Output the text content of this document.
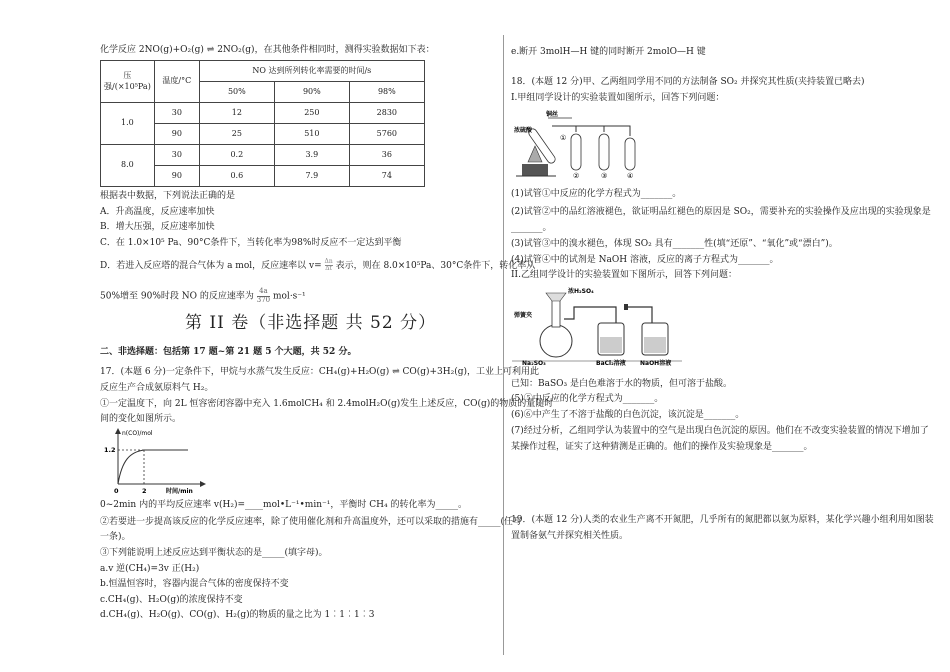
化学反应 2NO(g)+O₂(g) ⇌ 2NO₂(g)，在其他条件相同时，测得实验数据如下表：
压强/(×10⁵Pa)	温度/°C	NO 达到所列转化率需要的时间/s		
		50%	90%	98%
1.0	30	12	250	2830
	90	25	510	5760
8.0	30	0.2	3.9	36
	90	0.6	7.9	74
根据表中数据，下列说法正确的是
A．升高温度，反应速率加快
B．增大压强，反应速率加快
C．在 1.0×10⁵ Pa、90°C条件下，当转化率为98%时反应不一定达到平衡
D．若进入反应塔的混合气体为 a mol，反应速率以 $v= \frac{\Delta n}{\Delta t}$ 表示，则在 8.0×10⁵Pa、30°C条件下，转化率从
50%增至 90%时段 NO 的反应速率为 $\frac{4a}{370} mol\cdot s^{-1}$
第 II 卷（非选择题 共 52 分）
二、非选择题：包括第 17 题~第 21 题 5 个大题，共 52 分。
17．(本题 6 分)一定条件下，甲烷与水蒸气发生反应：CH₄(g)+H₂O(g) ⇌ CO(g)+3H₂(g)，工业上可利用此
反应生产合成氨原料气 H₂。
①一定温度下，向 2L 恒容密闭容器中充入 1.6molCH₄ 和 2.4molH₂O(g)发生上述反应，CO(g)的物质的量随时
间的变化如图所示。
n(CO)/mol
1.2
0	2	时间/min
0~2min 内的平均反应速率 v(H₂)=____mol•L⁻¹•min⁻¹，平衡时 CH₄ 的转化率为_____。
②若要进一步提高该反应的化学反应速率，除了使用催化剂和升高温度外，还可以采取的措施有_____(任写
一条)。
③下列能说明上述反应达到平衡状态的是_____(填字母)。
a.v 逆(CH₄)=3v 正(H₂)
b.恒温恒容时，容器内混合气体的密度保持不变
c.CH₄(g)、H₂O(g)的浓度保持不变
d.CH₄(g)、H₂O(g)、CO(g)、H₂(g)的物质的量之比为 1︰1︰1︰3
e.断开 3molH—H 键的同时断开 2molO—H 键
18．(本题 12 分)甲、乙两组同学用不同的方法制备 SO₂ 并探究其性质(夹持装置已略去)
I.甲组同学设计的实验装置如图所示，回答下列问题：
浓硫酸
铜丝
①
②	③	④
(1)试管①中反应的化学方程式为_______。
(2)试管②中的品红溶液褪色，欲证明品红褪色的原因是 SO₂，需要补充的实验操作及应出现的实验现象是
_______。
(3)试管③中的溴水褪色，体现 SO₂ 具有_______性(填“还原”、“氧化”或“漂白”)。
(4)试管④中的试剂是 NaOH 溶液，反应的离子方程式为_______。
II.乙组同学设计的实验装置如下图所示，回答下列问题：
浓H₂SO₄
弹簧夹
Na₂SO₃	BaCl₂溶液 NaOH溶液
已知：BaSO₃ 是白色难溶于水的物质，但可溶于盐酸。
(5)⑤中反应的化学方程式为_______。
(6)⑥中产生了不溶于盐酸的白色沉淀，该沉淀是_______。
(7)经过分析，乙组同学认为装置中的空气是出现白色沉淀的原因。他们在不改变实验装置的情况下增加了
某操作过程，证实了这种猜测是正确的。他们的操作及实验现象是_______。
19．(本题 12 分)人类的农业生产离不开氮肥，几乎所有的氮肥都以氨为原料，某化学兴趣小组利用如图装
置制备氨气并探究相关性质。
